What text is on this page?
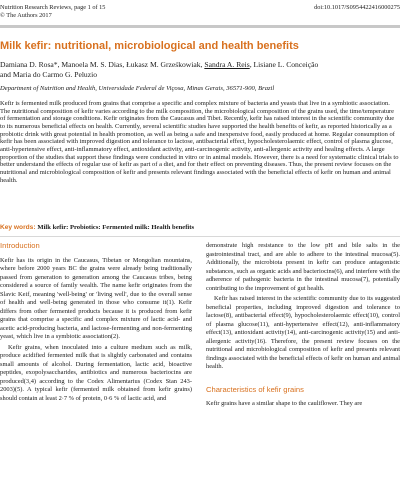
Nutrition Research Reviews, page 1 of 15
© The Authors 2017
doi:10.1017/S0954422416000275
Milk kefir: nutritional, microbiological and health benefits
Damiana D. Rosa*, Manoela M. S. Dias, Łukasz M. Grześkowiak, Sandra A. Reis, Lisiane L. Conceição
and Maria do Carmo G. Peluzio
Department of Nutrition and Health, Universidade Federal de Viçosa, Minas Gerais, 36571-900, Brazil

Kefir is fermented milk produced from grains that comprise a specific and complex mixture of bacteria and yeasts that live in a symbiotic association. The nutritional composition of kefir varies according to the milk composition, the microbiological composition of the grains used, the time/temperature of fermentation and storage conditions. Kefir originates from the Caucasus and Tibet. Recently, kefir has raised interest in the scientific community due to its numerous beneficial effects on health. Currently, several scientific studies have supported the health benefits of kefir, as reported historically as a probiotic drink with great potential in health promotion, as well as being a safe and inexpensive food, easily produced at home. Regular consumption of kefir has been associated with improved digestion and tolerance to lactose, antibacterial effect, hypocholesterolaemic effect, control of plasma glucose, anti-hypertensive effect, anti-inflammatory effect, antioxidant activity, anti-carcinogenic activity, anti-allergenic activity and healing effects. A large proportion of the studies that support these findings were conducted in vitro or in animal models. However, there is a need for systematic clinical trials to better understand the effects of regular use of kefir as part of a diet, and for their effect on preventing diseases. Thus, the present review focuses on the nutritional and microbiological composition of kefir and presents relevant findings associated with the beneficial effects of kefir on human and animal health.

Key words: Milk kefir: Probiotics: Fermented milk: Health benefits
Introduction

Kefir has its origin in the Caucasus, Tibetan or Mongolian mountains, where before 2000 years BC the grains were already being traditionally passed from generation to generation among the Caucasus tribes, being considered a source of family wealth. The name kefir originates from the Slavic Keif, meaning 'well-being' or 'living well', due to the overall sense of health and well-being generated in those who consume it(1). Kefir differs from other fermented products because it is produced from kefir grains that comprise a specific and complex mixture of lactic acid- and acetic acid-producing bacteria, and lactose-fermenting and non-fermenting yeast, which live in a symbiotic association(2).

Kefir grains, when inoculated into a culture medium such as milk, produce acidified fermented milk that is slightly carbonated and contains small amounts of alcohol. During fermentation, lactic acid, bioactive peptides, exopolysaccharides, antibiotics and numerous bacteriocins are produced(3,4) according to the Codex Alimentarius (Codex Stan 243-2003)(5). A typical kefir (fermented milk obtained from kefir grains) should contain at least 2·7 % of protein, 0·6 % of lactic acid, and

demonstrate high resistance to the low pH and bile salts in the gastrointestinal tract, and are able to adhere to the intestinal mucosa(5). Additionally, the microbiota present in kefir can produce antagonistic substances, such as organic acids and bacteriocins(6), and interfere with the adherence of pathogenic bacteria in the intestinal mucosa(7), potentially contributing to the improvement of gut health.

Kefir has raised interest in the scientific community due to its suggested beneficial properties, including improved digestion and tolerance to lactose(8), antibacterial effect(9), hypocholesterolaemic effect(10), control of plasma glucose(11), anti-hypertensive effect(12), anti-inflammatory effect(13), antioxidant activity(14), anti-carcinogenic activity(15) and anti-allergenic activity(16). Therefore, the present review focuses on the nutritional and microbiological composition of kefir and presents relevant findings associated with the beneficial effects of kefir on human and animal health.

Characteristics of kefir grains

Kefir grains have a similar shape to the cauliflower. They are
